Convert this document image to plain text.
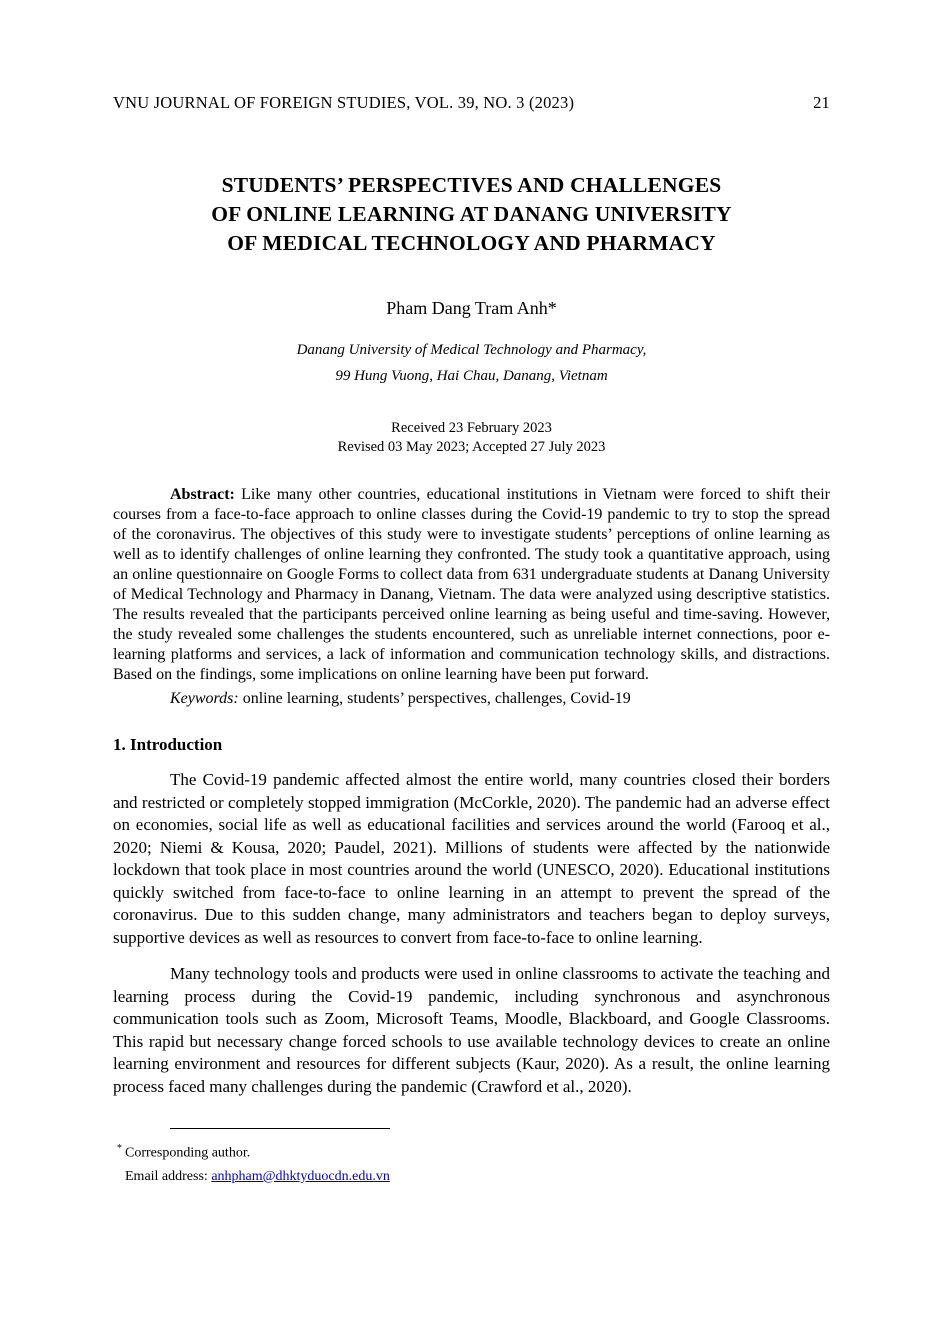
VNU JOURNAL OF FOREIGN STUDIES, VOL. 39, NO. 3 (2023)	21
STUDENTS’ PERSPECTIVES AND CHALLENGES
OF ONLINE LEARNING AT DANANG UNIVERSITY
OF MEDICAL TECHNOLOGY AND PHARMACY
Pham Dang Tram Anh*
Danang University of Medical Technology and Pharmacy,
99 Hung Vuong, Hai Chau, Danang, Vietnam
Received 23 February 2023
Revised 03 May 2023; Accepted 27 July 2023

Abstract: Like many other countries, educational institutions in Vietnam were forced to shift their courses from a face-to-face approach to online classes during the Covid-19 pandemic to try to stop the spread of the coronavirus. The objectives of this study were to investigate students’ perceptions of online learning as well as to identify challenges of online learning they confronted. The study took a quantitative approach, using an online questionnaire on Google Forms to collect data from 631 undergraduate students at Danang University of Medical Technology and Pharmacy in Danang, Vietnam. The data were analyzed using descriptive statistics. The results revealed that the participants perceived online learning as being useful and time-saving. However, the study revealed some challenges the students encountered, such as unreliable internet connections, poor e-learning platforms and services, a lack of information and communication technology skills, and distractions. Based on the findings, some implications on online learning have been put forward.

Keywords: online learning, students’ perspectives, challenges, Covid-19

1. Introduction

The Covid-19 pandemic affected almost the entire world, many countries closed their borders and restricted or completely stopped immigration (McCorkle, 2020). The pandemic had an adverse effect on economies, social life as well as educational facilities and services around the world (Farooq et al., 2020; Niemi & Kousa, 2020; Paudel, 2021). Millions of students were affected by the nationwide lockdown that took place in most countries around the world (UNESCO, 2020). Educational institutions quickly switched from face-to-face to online learning in an attempt to prevent the spread of the coronavirus. Due to this sudden change, many administrators and teachers began to deploy surveys, supportive devices as well as resources to convert from face-to-face to online learning.

Many technology tools and products were used in online classrooms to activate the teaching and learning process during the Covid-19 pandemic, including synchronous and asynchronous communication tools such as Zoom, Microsoft Teams, Moodle, Blackboard, and Google Classrooms. This rapid but necessary change forced schools to use available technology devices to create an online learning environment and resources for different subjects (Kaur, 2020). As a result, the online learning process faced many challenges during the pandemic (Crawford et al., 2020).

* Corresponding author.
Email address: anhpham@dhktyduocdn.edu.vn
